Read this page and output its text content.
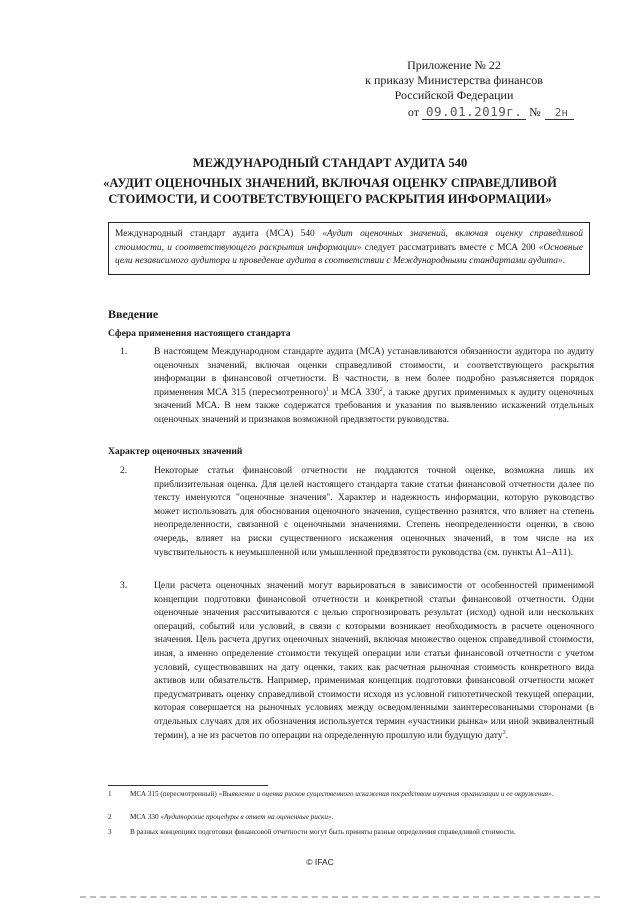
Приложение № 22
к приказу Министерства финансов
Российской Федерации
от 09.01.2019г. № 2н
МЕЖДУНАРОДНЫЙ СТАНДАРТ АУДИТА 540
«АУДИТ ОЦЕНОЧНЫХ ЗНАЧЕНИЙ, ВКЛЮЧАЯ ОЦЕНКУ СПРАВЕДЛИВОЙ СТОИМОСТИ, И СООТВЕТСТВУЮЩЕГО РАСКРЫТИЯ ИНФОРМАЦИИ»
Международный стандарт аудита (МСА) 540 «Аудит оценочных значений, включая оценку справедливой стоимости, и соответствующего раскрытия информации» следует рассматривать вместе с МСА 200 «Основные цели независимого аудитора и проведение аудита в соответствии с Международными стандартами аудита».
Введение
Сфера применения настоящего стандарта
1.	В настоящем Международном стандарте аудита (МСА) устанавливаются обязанности аудитора по аудиту оценочных значений, включая оценки справедливой стоимости, и соответствующего раскрытия информации в финансовой отчетности. В частности, в нем более подробно разъясняется порядок применения МСА 315 (пересмотренного)$^1$ и МСА $330^2$, а также других применимых к аудиту оценочных значений МСА. В нем также содержатся требования и указания по выявлению искажений отдельных оценочных значений и признаков возможной предвзятости руководства.
Характер оценочных значений
2.	Некоторые статьи финансовой отчетности не поддаются точной оценке, возможна лишь их приблизительная оценка. Для целей настоящего стандарта такие статьи финансовой отчетности далее по тексту именуются "оценочные значения". Характер и надежность информации, которую руководство может использовать для обоснования оценочного значения, существенно разнятся, что влияет на степень неопределенности, связанной с оценочными значениями. Степень неопределенности оценки, в свою очередь, влияет на риски существенного искажения оценочных значений, в том числе на их чувствительность к неумышленной или умышленной предвзятости руководства (см. пункты А1–А11).
3.	Цели расчета оценочных значений могут варьироваться в зависимости от особенностей применимой концепции подготовки финансовой отчетности и конкретной статьи финансовой отчетности. Одни оценочные значения рассчитываются с целью спрогнозировать результат (исход) одной или нескольких операций, событий или условий, в связи с которыми возникает необходимость в расчете оценочного значения. Цель расчета других оценочных значений, включая множество оценок справедливой стоимости, иная, а именно определение стоимости текущей операции или статьи финансовой отчетности с учетом условий, существовавших на дату оценки, таких как расчетная рыночная стоимость конкретного вида активов или обязательств. Например, применимая концепция подготовки финансовой отчетности может предусматривать оценку справедливой стоимости исходя из условной гипотетической текущей операции, которая совершается на рыночных условиях между осведомленными заинтересованными сторонами (в отдельных случаях для их обозначения используется термин «участники рынка» или иной эквивалентный термин), а не из расчетов по операции на определенную прошлую или будущую дату$^3$.
1	МСА 315 (пересмотренный) «Выявление и оценка рисков существенного искажения посредством изучения организации и ее окружения».
2	МСА 330 «Аудиторские процедуры в ответ на оцененные риски».
3	В разных концепциях подготовки финансовой отчетности могут быть приняты разные определения справедливой стоимости.
© IFAC
